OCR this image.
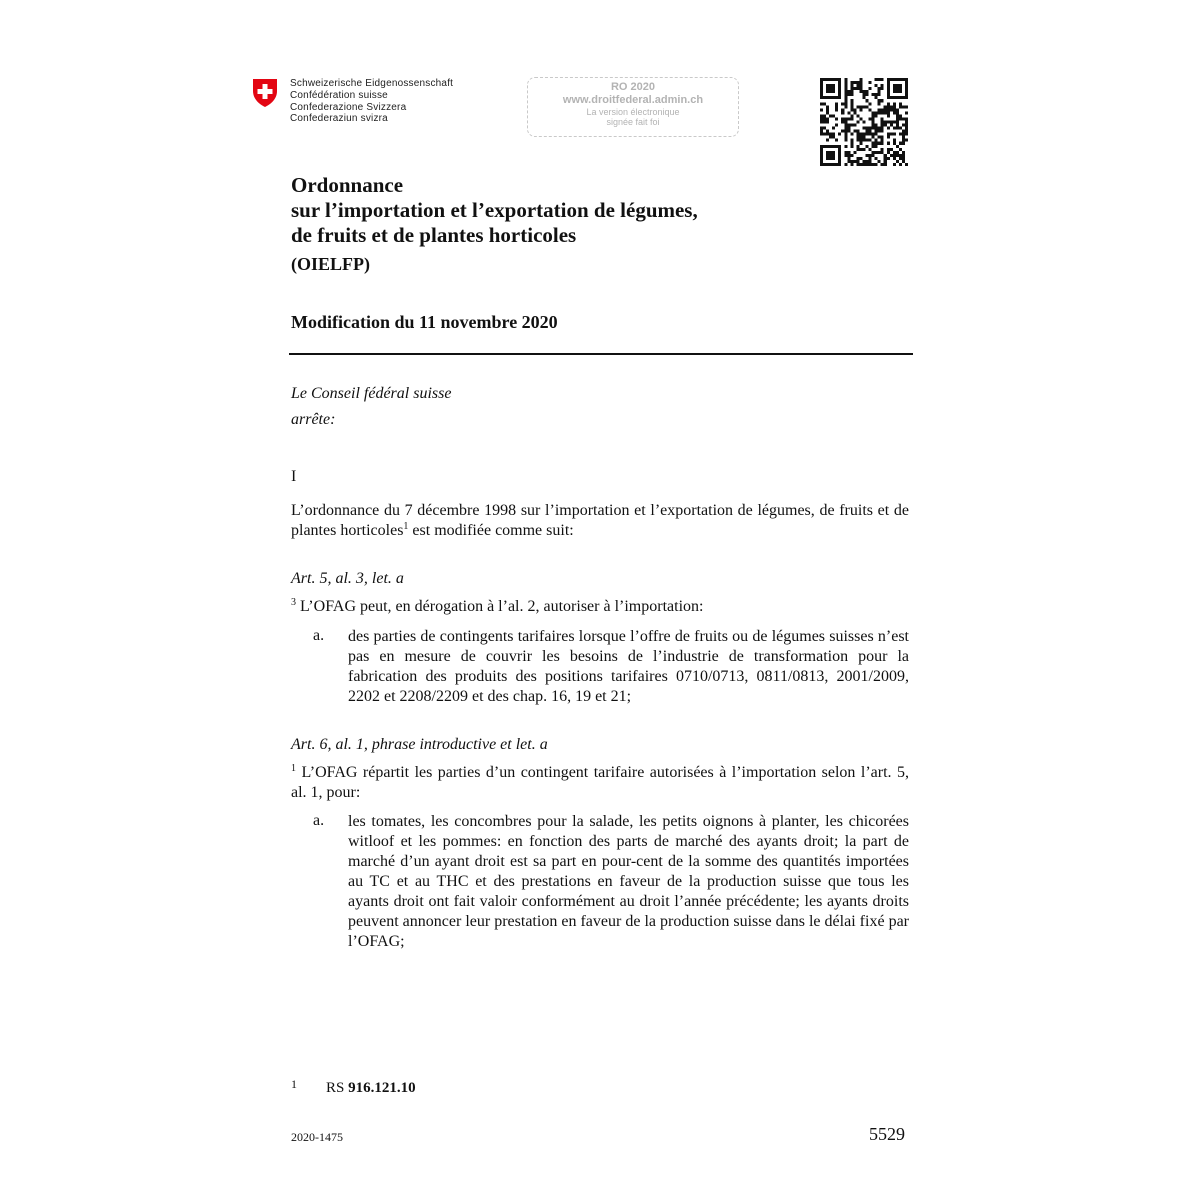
Schweizerische Eidgenossenschaft
Confédération suisse
Confederazione Svizzera
Confederaziun svizra
RO 2020
www.droitfederal.admin.ch
La version électronique
signée fait foi
Ordonnance
sur l’importation et l’exportation de légumes,
de fruits et de plantes horticoles
(OIELFP)
Modification du 11 novembre 2020
Le Conseil fédéral suisse
arrête:
I
L’ordonnance du 7 décembre 1998 sur l’importation et l’exportation de légumes, de fruits et de plantes horticoles$^1$ est modifiée comme suit:
Art. 5, al. 3, let. a
$^3$ L’OFAG peut, en dérogation à l’al. 2, autoriser à l’importation:
a. des parties de contingents tarifaires lorsque l’offre de fruits ou de légumes suisses n’est pas en mesure de couvrir les besoins de l’industrie de transformation pour la fabrication des produits des positions tarifaires 0710/0713, 0811/0813, 2001/2009, 2202 et 2208/2209 et des chap. 16, 19 et 21;
Art. 6, al. 1, phrase introductive et let. a
$^1$ L’OFAG répartit les parties d’un contingent tarifaire autorisées à l’importation selon l’art. 5, al. 1, pour:
a. les tomates, les concombres pour la salade, les petits oignons à planter, les chicorées witloof et les pommes: en fonction des parts de marché des ayants droit; la part de marché d’un ayant droit est sa part en pour-cent de la somme des quantités importées au TC et au THC et des prestations en faveur de la production suisse que tous les ayants droit ont fait valoir conformément au droit l’année précédente; les ayants droits peuvent annoncer leur prestation en faveur de la production suisse dans le délai fixé par l’OFAG;
1 RS 916.121.10
2020-1475	5529
